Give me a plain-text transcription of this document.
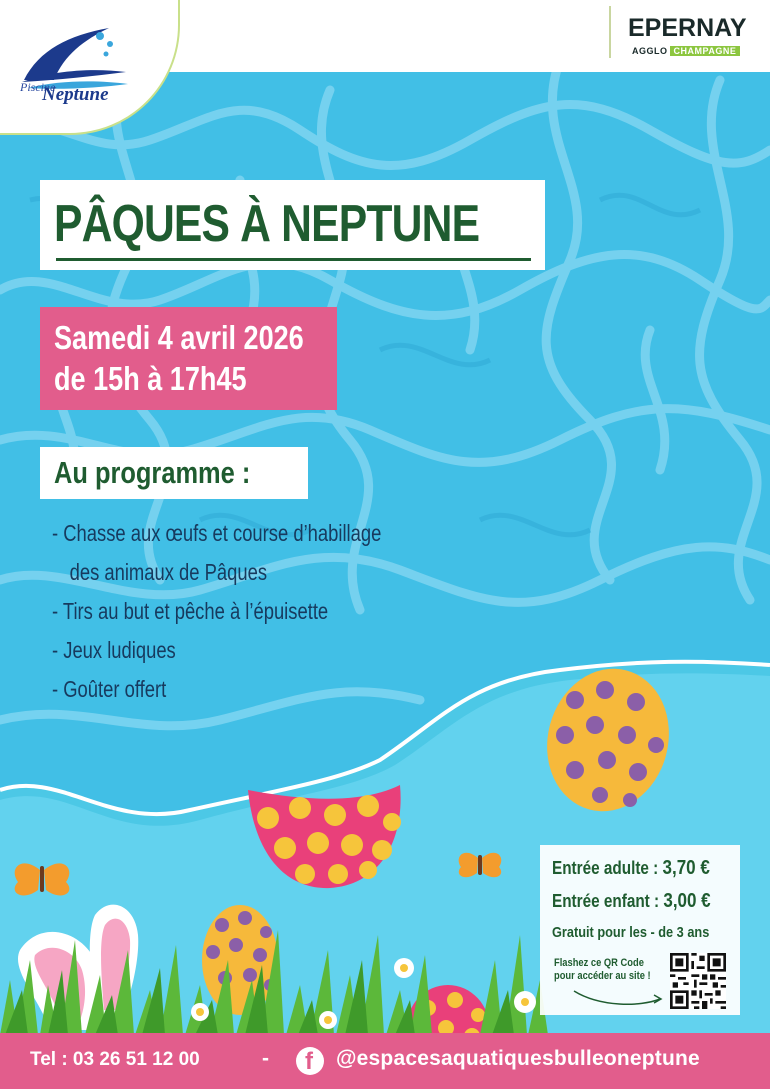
Piscine
Neptune
EPERNAY
AGGLO CHAMPAGNE
PÂQUES À NEPTUNE
Samedi 4 avril 2026
de 15h à 17h45
Au programme :
- Chasse aux œufs et course d’habillage
des animaux de Pâques
- Tirs au but et pêche à l’épuisette
- Jeux ludiques
- Goûter offert
Entrée adulte : 3,70 €
Entrée enfant : 3,00 €
Gratuit pour les - de 3 ans
Flashez ce QR Code
pour accéder au site !
Tel : 03 26 51 12 00	- f @espacesaquatiquesbulleoneptune
